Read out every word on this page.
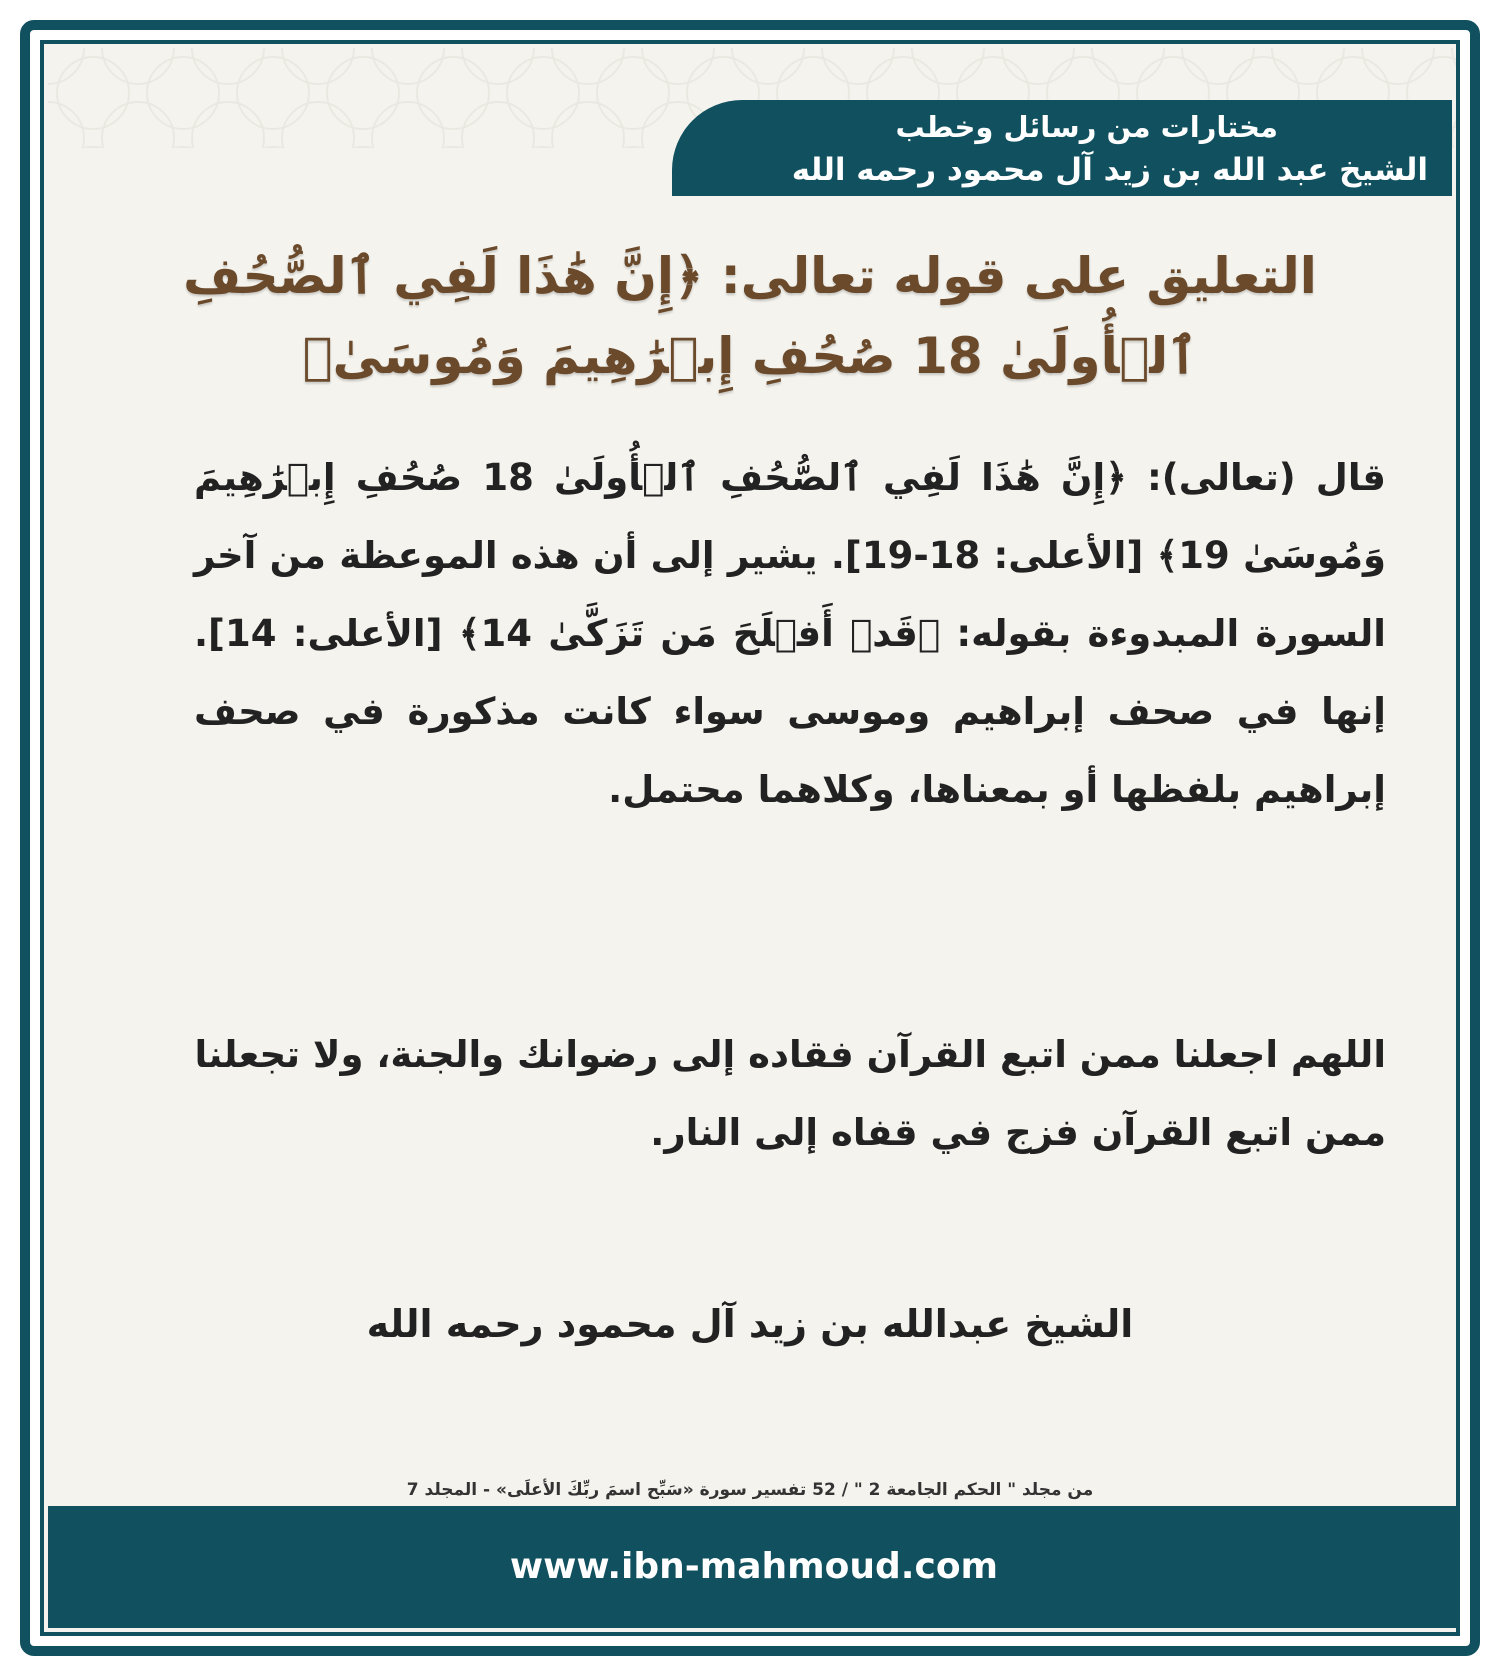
مختارات من رسائل وخطب
الشيخ عبد الله بن زيد آل محمود رحمه الله
التعليق على قوله تعالى: ﴿إِنَّ هَٰذَا لَفِي ٱلصُّحُفِ ٱلۡأُولَىٰ 18 صُحُفِ إِبۡرَٰهِيمَ وَمُوسَىٰ﴾

قال (تعالى): ﴿إِنَّ هَٰذَا لَفِي ٱلصُّحُفِ ٱلۡأُولَىٰ 18 صُحُفِ إِبۡرَٰهِيمَ وَمُوسَىٰ 19﴾ [الأعلى: 18-19]. يشير إلى أن هذه الموعظة من آخر السورة المبدوءة بقوله: ﴿قَدۡ أَفۡلَحَ مَن تَزَكَّىٰ 14﴾ [الأعلى: 14]. إنها في صحف إبراهيم وموسى سواء كانت مذكورة في صحف إبراهيم بلفظها أو بمعناها، وكلاهما محتمل.

اللهم اجعلنا ممن اتبع القرآن فقاده إلى رضوانك والجنة، ولا تجعلنا ممن اتبع القرآن فزج في قفاه إلى النار.

الشيخ عبدالله بن زيد آل محمود رحمه الله
من مجلد " الحكم الجامعة 2 " / 52 تفسير سورة «سَبِّح اسمَ ربِّكَ الأعلَى» - المجلد 7
www.ibn-mahmoud.com
